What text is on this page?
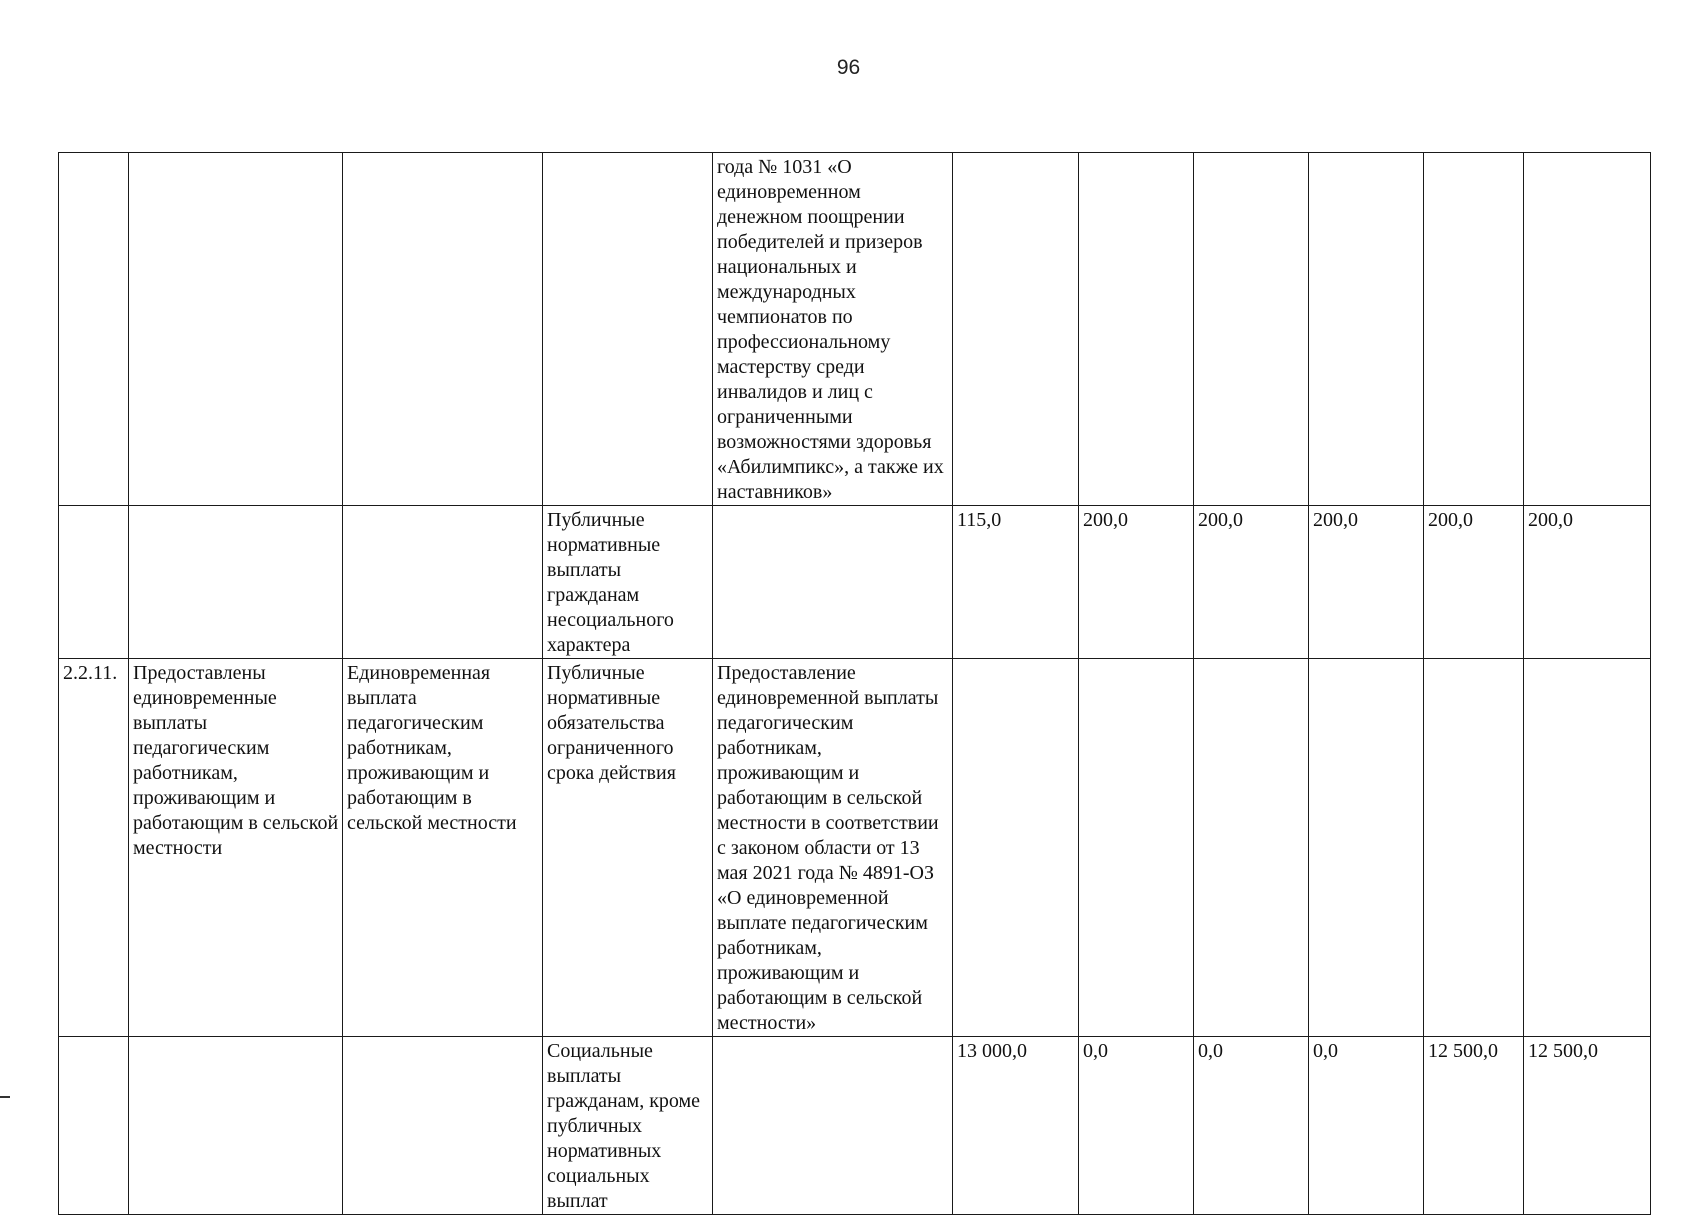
96
				года № 1031 «О единовременном денежном поощрении победителей и призеров национальных и международных чемпионатов по профессиональному мастерству среди инвалидов и лиц с ограниченными возможностями здоровья «Абилимпикс», а также их наставников»						
			Публичные нормативные выплаты гражданам несоциального характера		115,0	200,0	200,0	200,0	200,0	200,0
2.2.11.	Предоставлены единовременные выплаты педагогическим работникам, проживающим и работающим в сельской местности	Единовременная выплата педагогическим работникам, проживающим и работающим в сельской местности	Публичные нормативные обязательства ограниченного срока действия	Предоставление единовременной выплаты педагогическим работникам, проживающим и работающим в сельской местности в соответствии с законом области от 13 мая 2021 года № 4891-ОЗ «О единовременной выплате педагогическим работникам, проживающим и работающим в сельской местности»						
			Социальные выплаты гражданам, кроме публичных нормативных социальных выплат		13 000,0	0,0	0,0	0,0	12 500,0	12 500,0
